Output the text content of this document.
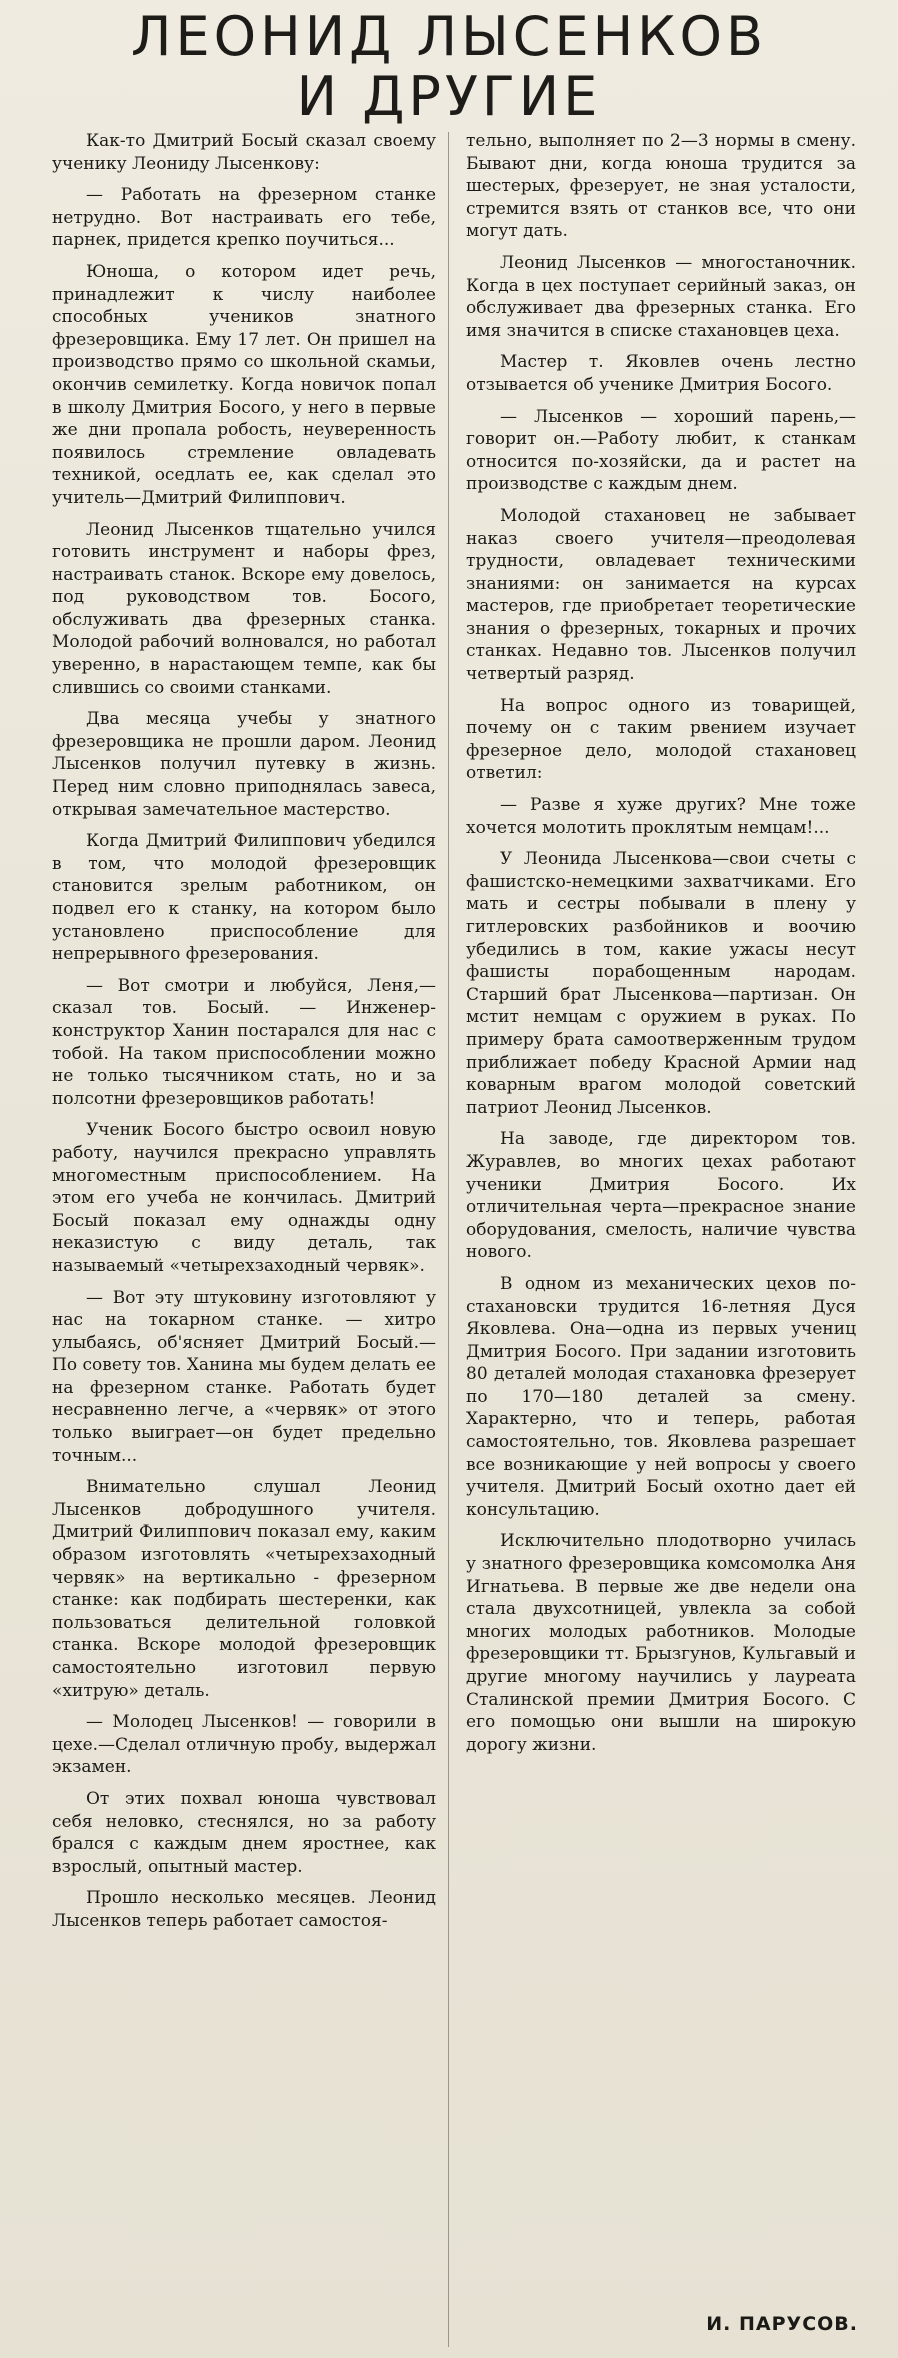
ЛЕОНИД ЛЫСЕНКОВ
И ДРУГИЕ

Как-то Дмитрий Босый сказал своему ученику Леониду Лысенкову:

— Работать на фрезерном станке нетрудно. Вот настраивать его тебе, парнек, придется крепко поучиться...

Юноша, о котором идет речь, принадлежит к числу наиболее способных учеников знатного фрезеровщика. Ему 17 лет. Он пришел на производство прямо со школьной скамьи, окончив семилетку. Когда новичок попал в школу Дмитрия Босого, у него в первые же дни пропала робость, неуверенность появилось стремление овладевать техникой, оседлать ее, как сделал это учитель—Дмитрий Филиппович.

Леонид Лысенков тщательно учился готовить инструмент и наборы фрез, настраивать станок. Вскоре ему довелось, под руководством тов. Босого, обслуживать два фрезерных станка. Молодой рабочий волновался, но работал уверенно, в нарастающем темпе, как бы слившись со своими станками.

Два месяца учебы у знатного фрезеровщика не прошли даром. Леонид Лысенков получил путевку в жизнь. Перед ним словно приподнялась завеса, открывая замечательное мастерство.

Когда Дмитрий Филиппович убедился в том, что молодой фрезеровщик становится зрелым работником, он подвел его к станку, на котором было установлено приспособление для непрерывного фрезерования.

— Вот смотри и любуйся, Леня,— сказал тов. Босый. — Инженер-конструктор Ханин постарался для нас с тобой. На таком приспособлении можно не только тысячником стать, но и за полсотни фрезеровщиков работать!

Ученик Босого быстро освоил новую работу, научился прекрасно управлять многоместным приспособлением. На этом его учеба не кончилась. Дмитрий Босый показал ему однажды одну неказистую с виду деталь, так называемый «четырехзаходный червяк».

— Вот эту штуковину изготовляют у нас на токарном станке. — хитро улыбаясь, об'ясняет Дмитрий Босый.— По совету тов. Ханина мы будем делать ее на фрезерном станке. Работать будет несравненно легче, а «червяк» от этого только выиграет—он будет предельно точным...

Внимательно слушал Леонид Лысенков добродушного учителя. Дмитрий Филиппович показал ему, каким образом изготовлять «четырехзаходный червяк» на вертикально - фрезерном станке: как подбирать шестеренки, как пользоваться делительной головкой станка. Вскоре молодой фрезеровщик самостоятельно изготовил первую «хитрую» деталь.

— Молодец Лысенков! — говорили в цехе.—Сделал отличную пробу, выдержал экзамен.

От этих похвал юноша чувствовал себя неловко, стеснялся, но за работу брался с каждым днем яростнее, как взрослый, опытный мастер.

Прошло несколько месяцев. Леонид Лысенков теперь работает самостоя-

тельно, выполняет по 2—3 нормы в смену. Бывают дни, когда юноша трудится за шестерых, фрезерует, не зная усталости, стремится взять от станков все, что они могут дать.

Леонид Лысенков — многостаночник. Когда в цех поступает серийный заказ, он обслуживает два фрезерных станка. Его имя значится в списке стахановцев цеха.

Мастер т. Яковлев очень лестно отзывается об ученике Дмитрия Босого.

— Лысенков — хороший парень,— говорит он.—Работу любит, к станкам относится по-хозяйски, да и растет на производстве с каждым днем.

Молодой стахановец не забывает наказ своего учителя—преодолевая трудности, овладевает техническими знаниями: он занимается на курсах мастеров, где приобретает теоретические знания о фрезерных, токарных и прочих станках. Недавно тов. Лысенков получил четвертый разряд.

На вопрос одного из товарищей, почему он с таким рвением изучает фрезерное дело, молодой стахановец ответил:

— Разве я хуже других? Мне тоже хочется молотить проклятым немцам!...

У Леонида Лысенкова—свои счеты с фашистско-немецкими захватчиками. Его мать и сестры побывали в плену у гитлеровских разбойников и воочию убедились в том, какие ужасы несут фашисты порабощенным народам. Старший брат Лысенкова—партизан. Он мстит немцам с оружием в руках. По примеру брата самоотверженным трудом приближает победу Красной Армии над коварным врагом молодой советский патриот Леонид Лысенков.

На заводе, где директором тов. Журавлев, во многих цехах работают ученики Дмитрия Босого. Их отличительная черта—прекрасное знание оборудования, смелость, наличие чувства нового.

В одном из механических цехов по-стахановски трудится 16-летняя Дуся Яковлева. Она—одна из первых учениц Дмитрия Босого. При задании изготовить 80 деталей молодая стахановка фрезерует по 170—180 деталей за смену. Характерно, что и теперь, работая самостоятельно, тов. Яковлева разрешает все возникающие у ней вопросы у своего учителя. Дмитрий Босый охотно дает ей консультацию.

Исключительно плодотворно училась у знатного фрезеровщика комсомолка Аня Игнатьева. В первые же две недели она стала двухсотницей, увлекла за собой многих молодых работников. Молодые фрезеровщики тт. Брызгунов, Кульгавый и другие многому научились у лауреата Сталинской премии Дмитрия Босого. С его помощью они вышли на широкую дорогу жизни.

И. ПАРУСОВ.
